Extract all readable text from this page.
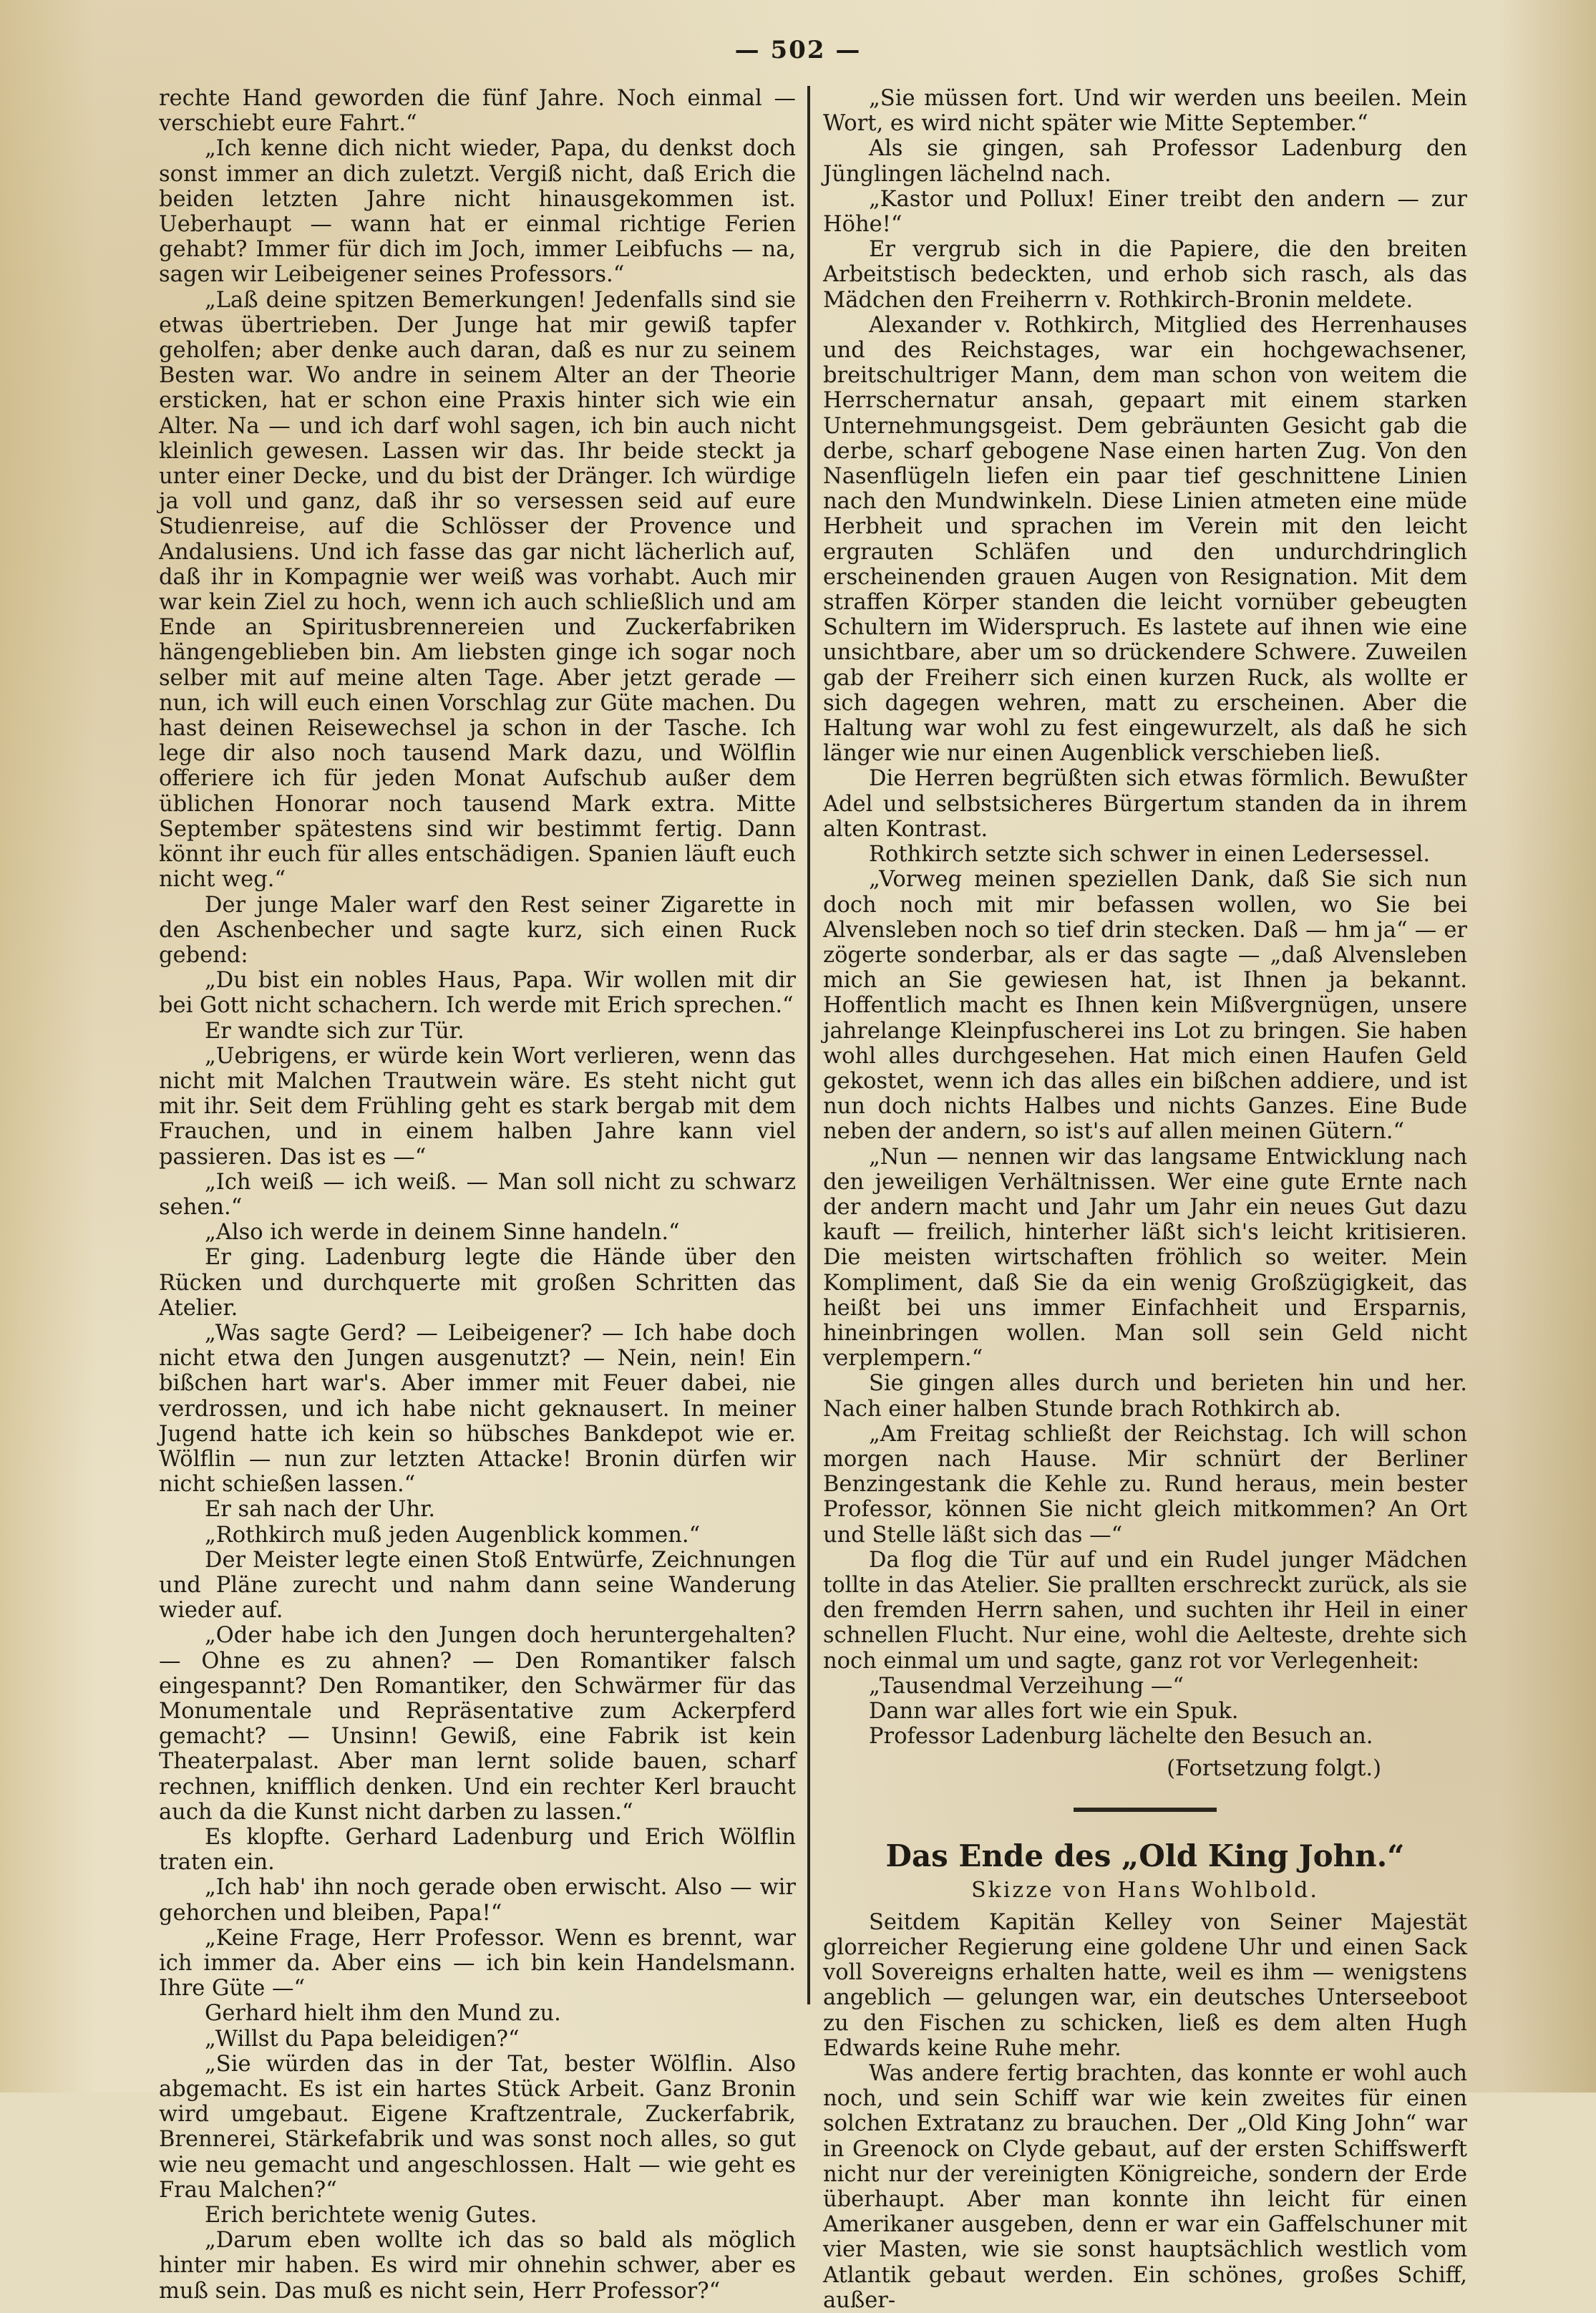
— 502 —

rechte Hand geworden die fünf Jahre. Noch einmal — verschiebt eure Fahrt.“

„Ich kenne dich nicht wieder, Papa, du denkst doch sonst immer an dich zuletzt. Vergiß nicht, daß Erich die beiden letzten Jahre nicht hinausgekommen ist. Ueberhaupt — wann hat er einmal richtige Ferien gehabt? Immer für dich im Joch, immer Leibfuchs — na, sagen wir Leibeigener seines Professors.“

„Laß deine spitzen Bemerkungen! Jedenfalls sind sie etwas übertrieben. Der Junge hat mir gewiß tapfer geholfen; aber denke auch daran, daß es nur zu seinem Besten war. Wo andre in seinem Alter an der Theorie ersticken, hat er schon eine Praxis hinter sich wie ein Alter. Na — und ich darf wohl sagen, ich bin auch nicht kleinlich gewesen. Lassen wir das. Ihr beide steckt ja unter einer Decke, und du bist der Dränger. Ich würdige ja voll und ganz, daß ihr so versessen seid auf eure Studienreise, auf die Schlösser der Provence und Andalusiens. Und ich fasse das gar nicht lächerlich auf, daß ihr in Kompagnie wer weiß was vorhabt. Auch mir war kein Ziel zu hoch, wenn ich auch schließlich und am Ende an Spiritusbrennereien und Zuckerfabriken hängengeblieben bin. Am liebsten ginge ich sogar noch selber mit auf meine alten Tage. Aber jetzt gerade — nun, ich will euch einen Vorschlag zur Güte machen. Du hast deinen Reisewechsel ja schon in der Tasche. Ich lege dir also noch tausend Mark dazu, und Wölflin offeriere ich für jeden Monat Aufschub außer dem üblichen Honorar noch tausend Mark extra. Mitte September spätestens sind wir bestimmt fertig. Dann könnt ihr euch für alles entschädigen. Spanien läuft euch nicht weg.“

Der junge Maler warf den Rest seiner Zigarette in den Aschenbecher und sagte kurz, sich einen Ruck gebend:

„Du bist ein nobles Haus, Papa. Wir wollen mit dir bei Gott nicht schachern. Ich werde mit Erich sprechen.“

Er wandte sich zur Tür.

„Uebrigens, er würde kein Wort verlieren, wenn das nicht mit Malchen Trautwein wäre. Es steht nicht gut mit ihr. Seit dem Frühling geht es stark bergab mit dem Frauchen, und in einem halben Jahre kann viel passieren. Das ist es —“

„Ich weiß — ich weiß. — Man soll nicht zu schwarz sehen.“

„Also ich werde in deinem Sinne handeln.“

Er ging. Ladenburg legte die Hände über den Rücken und durchquerte mit großen Schritten das Atelier.

„Was sagte Gerd? — Leibeigener? — Ich habe doch nicht etwa den Jungen ausgenutzt? — Nein, nein! Ein bißchen hart war's. Aber immer mit Feuer dabei, nie verdrossen, und ich habe nicht geknausert. In meiner Jugend hatte ich kein so hübsches Bankdepot wie er. Wölflin — nun zur letzten Attacke! Bronin dürfen wir nicht schießen lassen.“

Er sah nach der Uhr.

„Rothkirch muß jeden Augenblick kommen.“

Der Meister legte einen Stoß Entwürfe, Zeichnungen und Pläne zurecht und nahm dann seine Wanderung wieder auf.

„Oder habe ich den Jungen doch heruntergehalten? — Ohne es zu ahnen? — Den Romantiker falsch eingespannt? Den Romantiker, den Schwärmer für das Monumentale und Repräsentative zum Ackerpferd gemacht? — Unsinn! Gewiß, eine Fabrik ist kein Theaterpalast. Aber man lernt solide bauen, scharf rechnen, knifflich denken. Und ein rechter Kerl braucht auch da die Kunst nicht darben zu lassen.“

Es klopfte. Gerhard Ladenburg und Erich Wölflin traten ein.

„Ich hab' ihn noch gerade oben erwischt. Also — wir gehorchen und bleiben, Papa!“

„Keine Frage, Herr Professor. Wenn es brennt, war ich immer da. Aber eins — ich bin kein Handelsmann. Ihre Güte —“

Gerhard hielt ihm den Mund zu.

„Willst du Papa beleidigen?“

„Sie würden das in der Tat, bester Wölflin. Also abgemacht. Es ist ein hartes Stück Arbeit. Ganz Bronin wird umgebaut. Eigene Kraftzentrale, Zuckerfabrik, Brennerei, Stärkefabrik und was sonst noch alles, so gut wie neu gemacht und angeschlossen. Halt — wie geht es Frau Malchen?“

Erich berichtete wenig Gutes.

„Darum eben wollte ich das so bald als möglich hinter mir haben. Es wird mir ohnehin schwer, aber es muß sein. Das muß es nicht sein, Herr Professor?“

„Sie müssen fort. Und wir werden uns beeilen. Mein Wort, es wird nicht später wie Mitte September.“

Als sie gingen, sah Professor Ladenburg den Jünglingen lächelnd nach.

„Kastor und Pollux! Einer treibt den andern — zur Höhe!“

Er vergrub sich in die Papiere, die den breiten Arbeitstisch bedeckten, und erhob sich rasch, als das Mädchen den Freiherrn v. Rothkirch-Bronin meldete.

Alexander v. Rothkirch, Mitglied des Herrenhauses und des Reichstages, war ein hochgewachsener, breitschultriger Mann, dem man schon von weitem die Herrschernatur ansah, gepaart mit einem starken Unternehmungsgeist. Dem gebräunten Gesicht gab die derbe, scharf gebogene Nase einen harten Zug. Von den Nasenflügeln liefen ein paar tief geschnittene Linien nach den Mundwinkeln. Diese Linien atmeten eine müde Herbheit und sprachen im Verein mit den leicht ergrauten Schläfen und den undurchdringlich erscheinenden grauen Augen von Resignation. Mit dem straffen Körper standen die leicht vornüber gebeugten Schultern im Widerspruch. Es lastete auf ihnen wie eine unsichtbare, aber um so drückendere Schwere. Zuweilen gab der Freiherr sich einen kurzen Ruck, als wollte er sich dagegen wehren, matt zu erscheinen. Aber die Haltung war wohl zu fest eingewurzelt, als daß he sich länger wie nur einen Augenblick verschieben ließ.

Die Herren begrüßten sich etwas förmlich. Bewußter Adel und selbstsicheres Bürgertum standen da in ihrem alten Kontrast.

Rothkirch setzte sich schwer in einen Ledersessel.

„Vorweg meinen speziellen Dank, daß Sie sich nun doch noch mit mir befassen wollen, wo Sie bei Alvensleben noch so tief drin stecken. Daß — hm ja“ — er zögerte sonderbar, als er das sagte — „daß Alvensleben mich an Sie gewiesen hat, ist Ihnen ja bekannt. Hoffentlich macht es Ihnen kein Mißvergnügen, unsere jahrelange Kleinpfuscherei ins Lot zu bringen. Sie haben wohl alles durchgesehen. Hat mich einen Haufen Geld gekostet, wenn ich das alles ein bißchen addiere, und ist nun doch nichts Halbes und nichts Ganzes. Eine Bude neben der andern, so ist's auf allen meinen Gütern.“

„Nun — nennen wir das langsame Entwicklung nach den jeweiligen Verhältnissen. Wer eine gute Ernte nach der andern macht und Jahr um Jahr ein neues Gut dazu kauft — freilich, hinterher läßt sich's leicht kritisieren. Die meisten wirtschaften fröhlich so weiter. Mein Kompliment, daß Sie da ein wenig Großzügigkeit, das heißt bei uns immer Einfachheit und Ersparnis, hineinbringen wollen. Man soll sein Geld nicht verplempern.“

Sie gingen alles durch und berieten hin und her. Nach einer halben Stunde brach Rothkirch ab.

„Am Freitag schließt der Reichstag. Ich will schon morgen nach Hause. Mir schnürt der Berliner Benzingestank die Kehle zu. Rund heraus, mein bester Professor, können Sie nicht gleich mitkommen? An Ort und Stelle läßt sich das —“

Da flog die Tür auf und ein Rudel junger Mädchen tollte in das Atelier. Sie prallten erschreckt zurück, als sie den fremden Herrn sahen, und suchten ihr Heil in einer schnellen Flucht. Nur eine, wohl die Aelteste, drehte sich noch einmal um und sagte, ganz rot vor Verlegenheit:

„Tausendmal Verzeihung —“

Dann war alles fort wie ein Spuk.

Professor Ladenburg lächelte den Besuch an.

(Fortsetzung folgt.)

Das Ende des „Old King John.“
Skizze von Hans Wohlbold.

Seitdem Kapitän Kelley von Seiner Majestät glorreicher Regierung eine goldene Uhr und einen Sack voll Sovereigns erhalten hatte, weil es ihm — wenigstens angeblich — gelungen war, ein deutsches Unterseeboot zu den Fischen zu schicken, ließ es dem alten Hugh Edwards keine Ruhe mehr.

Was andere fertig brachten, das konnte er wohl auch noch, und sein Schiff war wie kein zweites für einen solchen Extratanz zu brauchen. Der „Old King John“ war in Greenock on Clyde gebaut, auf der ersten Schiffswerft nicht nur der vereinigten Königreiche, sondern der Erde überhaupt. Aber man konnte ihn leicht für einen Amerikaner ausgeben, denn er war ein Gaffelschuner mit vier Masten, wie sie sonst hauptsächlich westlich vom Atlantik gebaut werden. Ein schönes, großes Schiff, außer-
